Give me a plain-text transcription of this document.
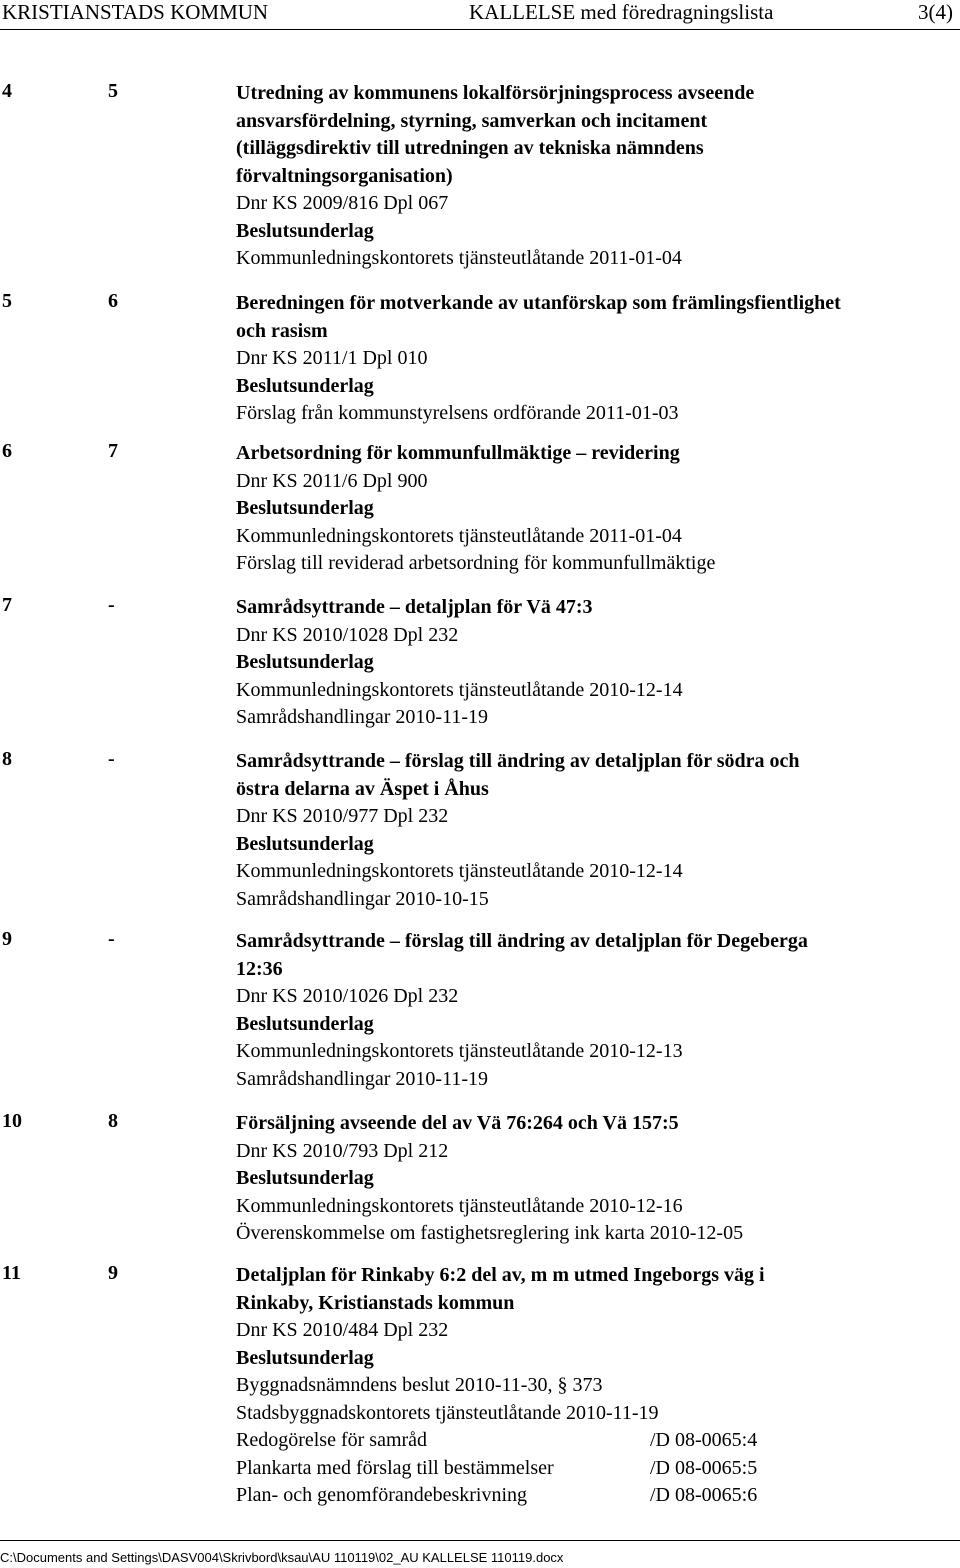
KRISTIANSTADS KOMMUN	KALLELSE med föredragningslista	3(4)
4	5	Utredning av kommunens lokalförsörjningsprocess avseende
ansvarsfördelning, styrning, samverkan och incitament
(tilläggsdirektiv till utredningen av tekniska nämndens
förvaltningsorganisation)
Dnr KS 2009/816 Dpl 067
Beslutsunderlag
Kommunledningskontorets tjänsteutlåtande 2011-01-04
5	6	Beredningen för motverkande av utanförskap som främlingsfientlighet
och rasism
Dnr KS 2011/1 Dpl 010
Beslutsunderlag
Förslag från kommunstyrelsens ordförande 2011-01-03
6	7	Arbetsordning för kommunfullmäktige – revidering
Dnr KS 2011/6 Dpl 900
Beslutsunderlag
Kommunledningskontorets tjänsteutlåtande 2011-01-04
Förslag till reviderad arbetsordning för kommunfullmäktige
7	-	Samrådsyttrande – detaljplan för Vä 47:3
Dnr KS 2010/1028 Dpl 232
Beslutsunderlag
Kommunledningskontorets tjänsteutlåtande 2010-12-14
Samrådshandlingar 2010-11-19
8	-	Samrådsyttrande – förslag till ändring av detaljplan för södra och
östra delarna av Äspet i Åhus
Dnr KS 2010/977 Dpl 232
Beslutsunderlag
Kommunledningskontorets tjänsteutlåtande 2010-12-14
Samrådshandlingar 2010-10-15
9	-	Samrådsyttrande – förslag till ändring av detaljplan för Degeberga
12:36
Dnr KS 2010/1026 Dpl 232
Beslutsunderlag
Kommunledningskontorets tjänsteutlåtande 2010-12-13
Samrådshandlingar 2010-11-19
10	8	Försäljning avseende del av Vä 76:264 och Vä 157:5
Dnr KS 2010/793 Dpl 212
Beslutsunderlag
Kommunledningskontorets tjänsteutlåtande 2010-12-16
Överenskommelse om fastighetsreglering ink karta 2010-12-05
11	9	Detaljplan för Rinkaby 6:2 del av, m m utmed Ingeborgs väg i
Rinkaby, Kristianstads kommun
Dnr KS 2010/484 Dpl 232
Beslutsunderlag
Byggnadsnämndens beslut 2010-11-30, § 373
Stadsbyggnadskontorets tjänsteutlåtande 2010-11-19
Redogörelse för samråd	/D 08-0065:4
Plankarta med förslag till bestämmelser	/D 08-0065:5
Plan- och genomförandebeskrivning	/D 08-0065:6
C:\Documents and Settings\DASV004\Skrivbord\ksau\AU 110119\02_AU KALLELSE 110119.docx
